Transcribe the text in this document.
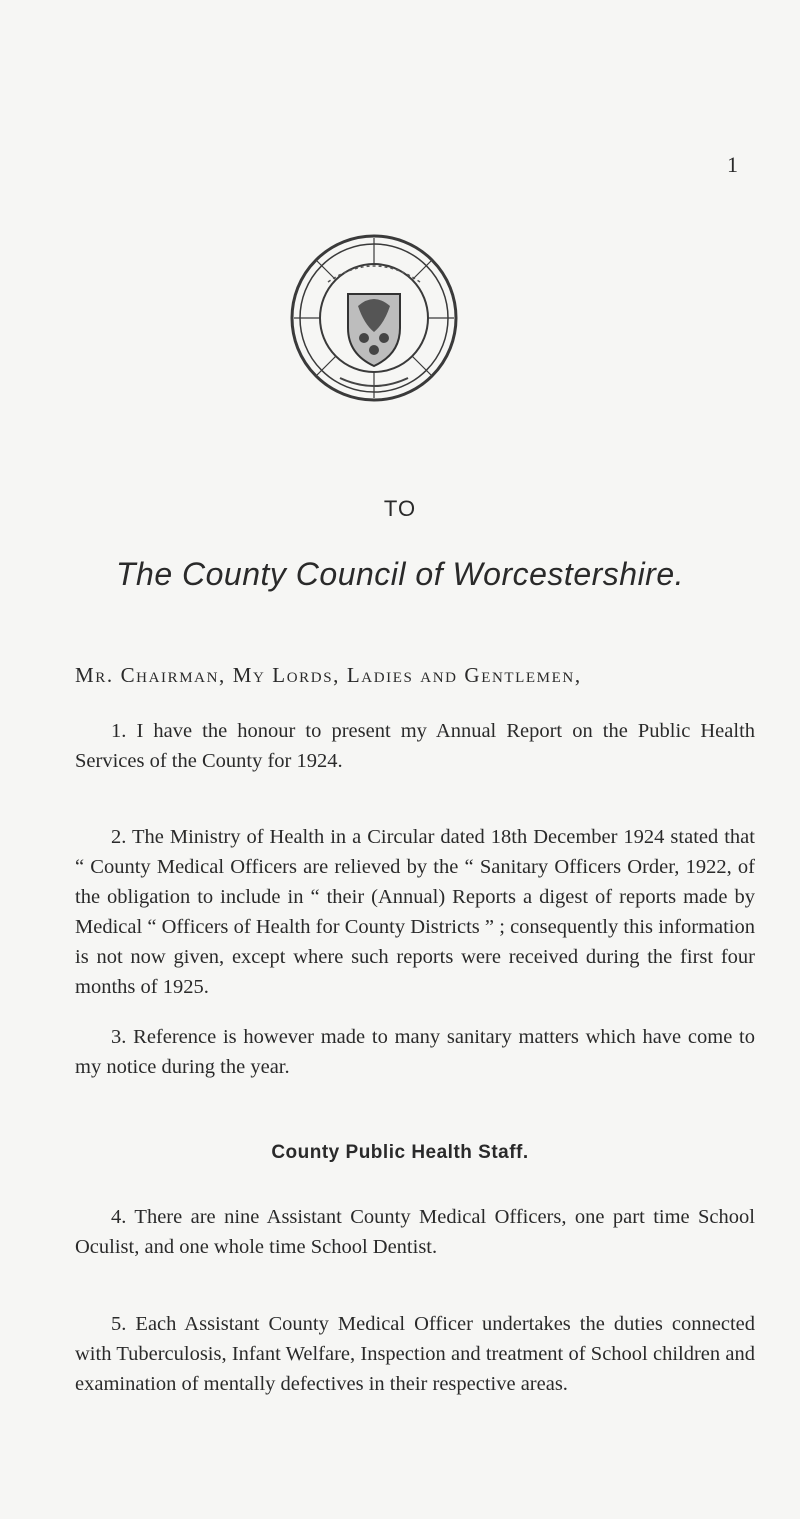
1
TO
The County Council of Worcestershire.
Mr. Chairman, My Lords, Ladies and Gentlemen,

1. I have the honour to present my Annual Report on the Public Health Services of the County for 1924.

2. The Ministry of Health in a Circular dated 18th December 1924 stated that “ County Medical Officers are relieved by the “ Sanitary Officers Order, 1922, of the obligation to include in “ their (Annual) Reports a digest of reports made by Medical “ Officers of Health for County Districts ” ; consequently this information is not now given, except where such reports were received during the first four months of 1925.

3. Reference is however made to many sanitary matters which have come to my notice during the year.

County Public Health Staff.

4. There are nine Assistant County Medical Officers, one part time School Oculist, and one whole time School Dentist.

5. Each Assistant County Medical Officer undertakes the duties connected with Tuberculosis, Infant Welfare, Inspection and treatment of School children and examination of mentally defectives in their respective areas.
